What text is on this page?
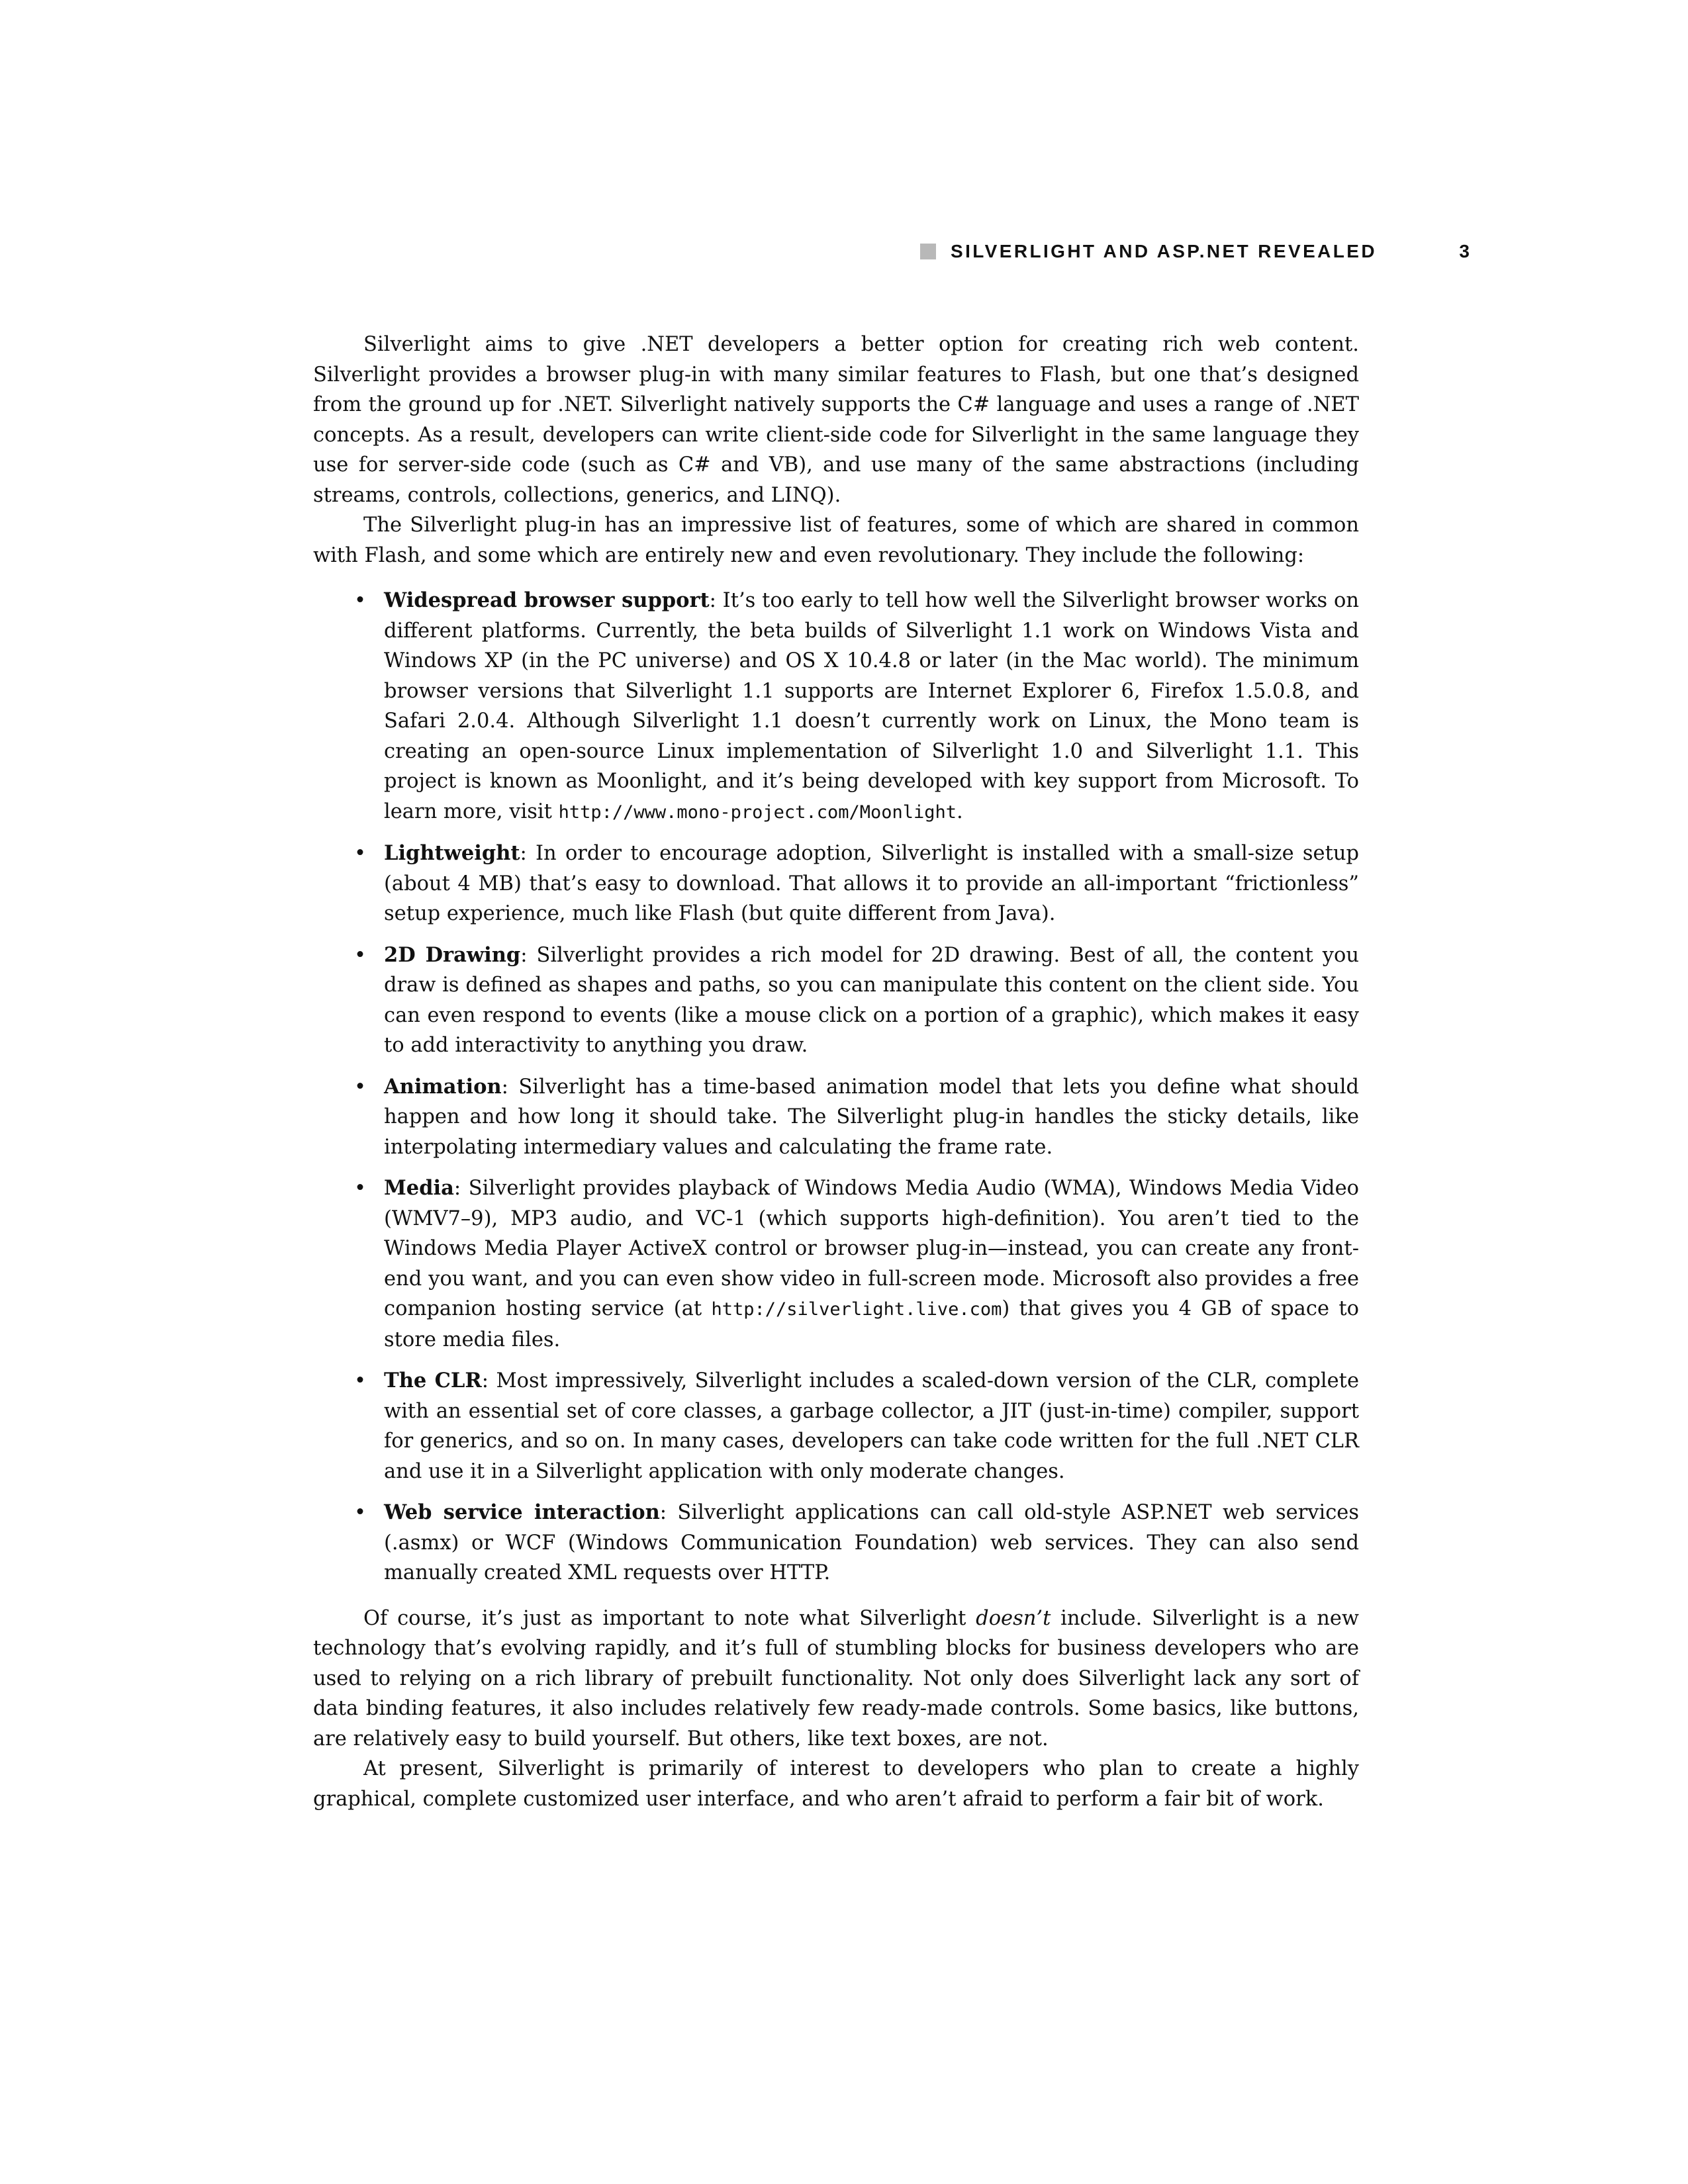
SILVERLIGHT AND ASP.NET REVEALED	3

Silverlight aims to give .NET developers a better option for creating rich web content. Silverlight provides a browser plug-in with many similar features to Flash, but one that’s designed from the ground up for .NET. Silverlight natively supports the C# language and uses a range of .NET concepts. As a result, developers can write client-side code for Silverlight in the same language they use for server-side code (such as C# and VB), and use many of the same abstractions (including streams, controls, collections, generics, and LINQ).

The Silverlight plug-in has an impressive list of features, some of which are shared in common with Flash, and some which are entirely new and even revolutionary. They include the following:

• Widespread browser support: It’s too early to tell how well the Silverlight browser works on different platforms. Currently, the beta builds of Silverlight 1.1 work on Windows Vista and Windows XP (in the PC universe) and OS X 10.4.8 or later (in the Mac world). The minimum browser versions that Silverlight 1.1 supports are Internet Explorer 6, Firefox 1.5.0.8, and Safari 2.0.4. Although Silverlight 1.1 doesn’t currently work on Linux, the Mono team is creating an open-source Linux implementation of Silverlight 1.0 and Silverlight 1.1. This project is known as Moonlight, and it’s being developed with key support from Microsoft. To learn more, visit http://www.mono-project.com/Moonlight.
• Lightweight: In order to encourage adoption, Silverlight is installed with a small-size setup (about 4 MB) that’s easy to download. That allows it to provide an all-important “frictionless” setup experience, much like Flash (but quite different from Java).
• 2D Drawing: Silverlight provides a rich model for 2D drawing. Best of all, the content you draw is defined as shapes and paths, so you can manipulate this content on the client side. You can even respond to events (like a mouse click on a portion of a graphic), which makes it easy to add interactivity to anything you draw.
• Animation: Silverlight has a time-based animation model that lets you define what should happen and how long it should take. The Silverlight plug-in handles the sticky details, like interpolating intermediary values and calculating the frame rate.
• Media: Silverlight provides playback of Windows Media Audio (WMA), Windows Media Video (WMV7–9), MP3 audio, and VC-1 (which supports high-definition). You aren’t tied to the Windows Media Player ActiveX control or browser plug-in—instead, you can create any front-end you want, and you can even show video in full-screen mode. Microsoft also provides a free companion hosting service (at http://silverlight.live.com) that gives you 4 GB of space to store media files.
• The CLR: Most impressively, Silverlight includes a scaled-down version of the CLR, complete with an essential set of core classes, a garbage collector, a JIT (just-in-time) compiler, support for generics, and so on. In many cases, developers can take code written for the full .NET CLR and use it in a Silverlight application with only moderate changes.
• Web service interaction: Silverlight applications can call old-style ASP.NET web services (.asmx) or WCF (Windows Communication Foundation) web services. They can also send manually created XML requests over HTTP.

Of course, it’s just as important to note what Silverlight doesn’t include. Silverlight is a new technology that’s evolving rapidly, and it’s full of stumbling blocks for business developers who are used to relying on a rich library of prebuilt functionality. Not only does Silverlight lack any sort of data binding features, it also includes relatively few ready-made controls. Some basics, like buttons, are relatively easy to build yourself. But others, like text boxes, are not.

At present, Silverlight is primarily of interest to developers who plan to create a highly graphical, complete customized user interface, and who aren’t afraid to perform a fair bit of work.
